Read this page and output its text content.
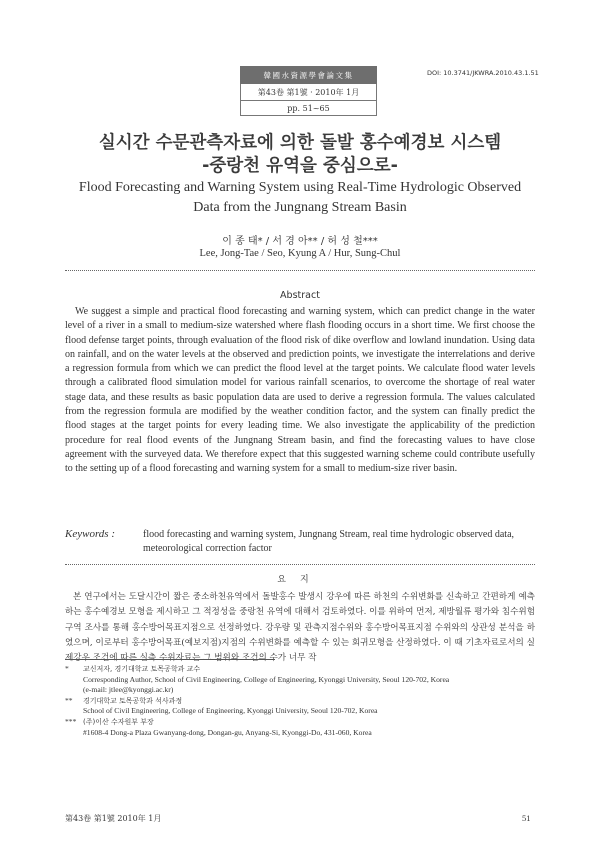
韓國水資源學會論文集
第43卷 第1號 · 2010年 1月
pp. 51~65
DOI: 10.3741/JKWRA.2010.43.1.51
실시간 수문관측자료에 의한 돌발 홍수예경보 시스템
-중랑천 유역을 중심으로-
Flood Forecasting and Warning System using Real-Time Hydrologic Observed
Data from the Jungnang Stream Basin
이 종 태* / 서 경 아** / 허 성 철***
Lee, Jong-Tae / Seo, Kyung A / Hur, Sung-Chul
Abstract

We suggest a simple and practical flood forecasting and warning system, which can predict change in the water level of a river in a small to medium-size watershed where flash flooding occurs in a short time. We first choose the flood defense target points, through evaluation of the flood risk of dike overflow and lowland inundation. Using data on rainfall, and on the water levels at the observed and prediction points, we investigate the interrelations and derive a regression formula from which we can predict the flood level at the target points. We calculate flood water levels through a calibrated flood simulation model for various rainfall scenarios, to overcome the shortage of real water stage data, and these results as basic population data are used to derive a regression formula. The values calculated from the regression formula are modified by the weather condition factor, and the system can finally predict the flood stages at the target points for every leading time. We also investigate the applicability of the prediction procedure for real flood events of the Jungnang Stream basin, and find the forecasting values to have close agreement with the surveyed data. We therefore expect that this suggested warning scheme could contribute usefully to the setting up of a flood forecasting and warning system for a small to medium-size river basin.

Keywords :	flood forecasting and warning system, Jungnang Stream, real time hydrologic observed data, meteorological correction factor
요지

본 연구에서는 도달시간이 짧은 중소하천유역에서 돌발홍수 발생시 강우에 따른 하천의 수위변화를 신속하고 간편하게 예측하는 홍수예경보 모형을 제시하고 그 적정성을 중랑천 유역에 대해서 검토하였다. 이를 위하여 먼저, 제방월류 평가와 침수위험구역 조사를 통해 홍수방어목표지점으로 선정하였다. 강우량 및 관측지점수위와 홍수방어목표지점 수위와의 상관성 분석을 하였으며, 이로부터 홍수방어목표(예보지점)지점의 수위변화를 예측할 수 있는 회귀모형을 산정하였다. 이 때 기초자료로서의 실제강우 조건에 따른 실측 수위자료는 그 범위와 조건의 수가 너무 작

* 교신저자, 경기대학교 토목공학과 교수
Corresponding Author, School of Civil Engineering, College of Engineering, Kyonggi University, Seoul 120-702, Korea
(e-mail: jtlee@kyonggi.ac.kr)
** 경기대학교 토목공학과 석사과정
School of Civil Engineering, College of Engineering, Kyonggi University, Seoul 120-702, Korea
*** (주)이산 수자원부 부장
#1608-4 Dong-a Plaza Gwanyang-dong, Dongan-gu, Anyang-Si, Kyonggi-Do, 431-060, Korea
第43卷 第1號 2010年 1月	51
